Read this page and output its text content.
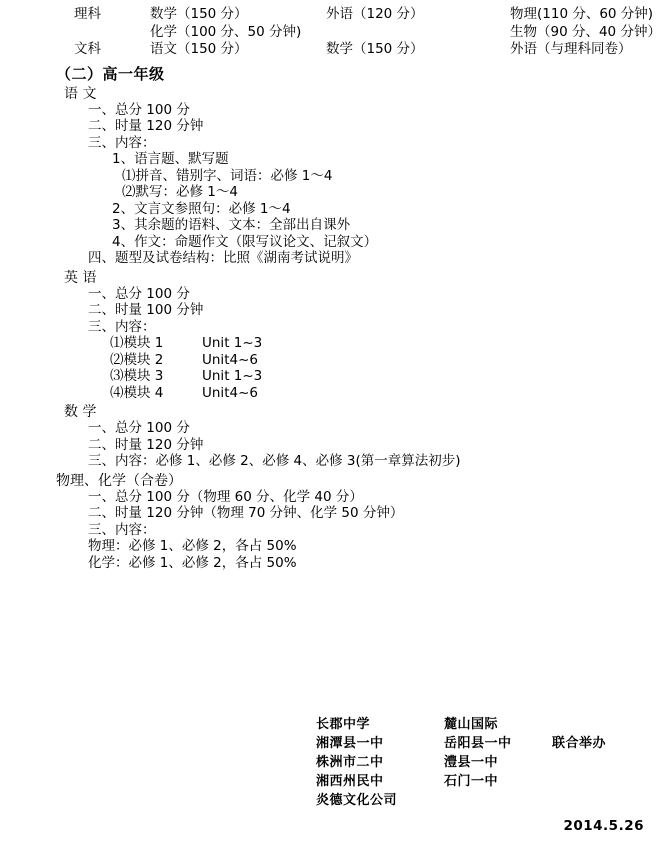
理科	数学（150 分）	外语（120 分）	物理(110 分、60 分钟)
	化学（100 分、50 分钟)		生物（90 分、40 分钟）
文科	语文（150 分）	数学（150 分）	外语（与理科同卷）
（二）高一年级
语 文
一、总分 100 分
二、时量 120 分钟
三、内容：
1、语言题、默写题
⑴拼音、错别字、词语：必修 1～4
⑵默写：必修 1～4
2、文言文参照句：必修 1～4
3、其余题的语料、文本：全部出自课外
4、作文：命题作文（限写议论文、记叙文）
四、题型及试卷结构：比照《湖南考试说明》
英 语
一、总分 100 分
二、时量 100 分钟
三、内容：
⑴模块 1	Unit 1~3
⑵模块 2	Unit4~6
⑶模块 3	Unit 1~3
⑷模块 4	Unit4~6
数 学
一、总分 100 分
二、时量 120 分钟
三、内容：必修 1、必修 2、必修 4、必修 3(第一章算法初步)
物理、化学（合卷）
一、总分 100 分（物理 60 分、化学 40 分）
二、时量 120 分钟（物理 70 分钟、化学 50 分钟）
三、内容：
物理：必修 1、必修 2，各占 50%
化学：必修 1、必修 2，各占 50%
长郡中学	麓山国际	
湘潭县一中	岳阳县一中	联合举办
株洲市二中	澧县一中	
湘西州民中	石门一中	
炎德文化公司		
2014.5.26
